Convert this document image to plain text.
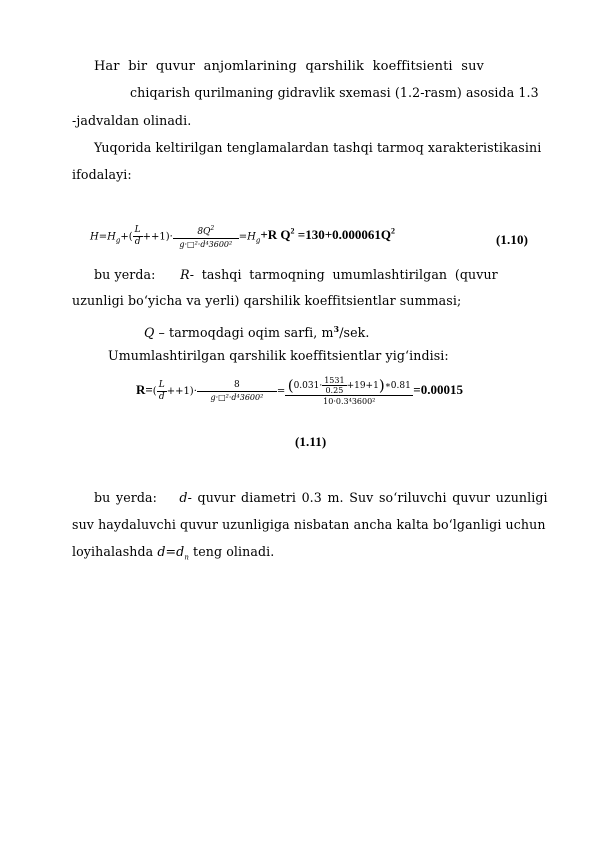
Har bir quvur anjomlarining qarshilik koeffitsienti suv
chiqarish qurilmaning gidravlik sxemasi (1.2-rasm) asosida 1.3
-jadvaldan olinadi.
Yuqorida keltirilgan tenglamalardan tashqi tarmoq xarakteristikasini
ifodalayi:
$H=H_g+( \frac{L}{d} ++1)\cdot \frac{8Q^2}{\text{g·□²·d⁴3600²}} =H_g+R$ $Q^2 =130+0.000061Q^2$
(1.10)
bu yerda: R- tashqi tarmoqning umumlashtirilgan (quvur
uzunligi bo‘yicha va yerli) qarshilik koeffitsientlar summasi;
Q – tarmoqdagi oqim sarfi, $m^3$/sek.
Umumlashtirilgan qarshilik koeffitsientlar yig‘indisi:
$R=( \frac{L}{d} ++1)\cdot \frac{8}{\text{g·□²·d⁴3600²}} = \frac{(0.031\cdot \frac{1531}{0.25} +19+1)∗0.81}{\text{10·0.3⁴3600²}} =0.00015$
(1.11)
bu yerda: d- quvur diametri 0.3 m. Suv so‘riluvchi quvur uzunligi
suv haydaluvchi quvur uzunligiga nisbatan ancha kalta bo‘lganligi uchun
loyihalashda $d=d_n$ teng olinadi.
